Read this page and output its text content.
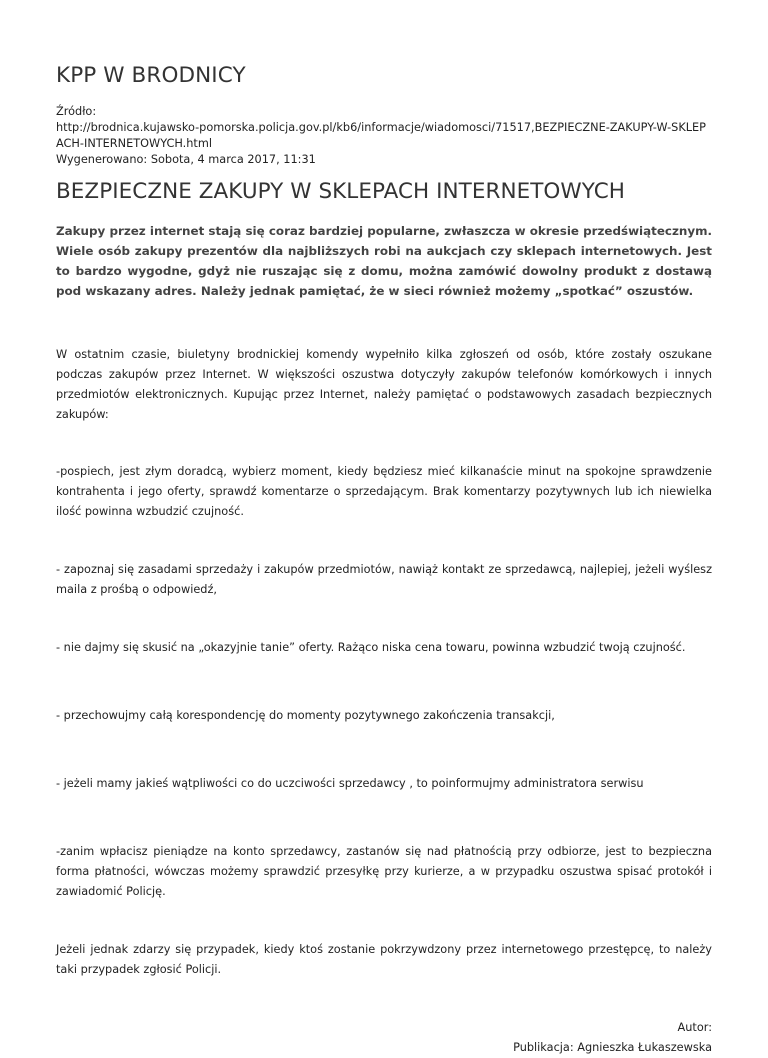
KPP W BRODNICY
Źródło:
http://brodnica.kujawsko-pomorska.policja.gov.pl/kb6/informacje/wiadomosci/71517,BEZPIECZNE-ZAKUPY-W-SKLEPACH-INTERNETOWYCH.html
Wygenerowano: Sobota, 4 marca 2017, 11:31
BEZPIECZNE ZAKUPY W SKLEPACH INTERNETOWYCH

Zakupy przez internet stają się coraz bardziej popularne, zwłaszcza w okresie przedświątecznym. Wiele osób zakupy prezentów dla najbliższych robi na aukcjach czy sklepach internetowych. Jest to bardzo wygodne, gdyż nie ruszając się z domu, można zamówić dowolny produkt z dostawą pod wskazany adres. Należy jednak pamiętać, że w sieci również możemy „spotkać” oszustów.

W ostatnim czasie, biuletyny brodnickiej komendy wypełniło kilka zgłoszeń od osób, które zostały oszukane podczas zakupów przez Internet. W większości oszustwa dotyczyły zakupów telefonów komórkowych i innych przedmiotów elektronicznych. Kupując przez Internet, należy pamiętać o podstawowych zasadach bezpiecznych zakupów:

-pospiech, jest złym doradcą, wybierz moment, kiedy będziesz mieć kilkanaście minut na spokojne sprawdzenie kontrahenta i jego oferty, sprawdź komentarze o sprzedającym. Brak komentarzy pozytywnych lub ich niewielka ilość powinna wzbudzić czujność.

- zapoznaj się zasadami sprzedaży i zakupów przedmiotów, nawiąż kontakt ze sprzedawcą, najlepiej, jeżeli wyślesz maila z prośbą o odpowiedź,

- nie dajmy się skusić na „okazyjnie tanie” oferty. Rażąco niska cena towaru, powinna wzbudzić twoją czujność.

- przechowujmy całą korespondencję do momenty pozytywnego zakończenia transakcji,

- jeżeli mamy jakieś wątpliwości co do uczciwości sprzedawcy , to poinformujmy administratora serwisu

-zanim wpłacisz pieniądze na konto sprzedawcy, zastanów się nad płatnością przy odbiorze, jest to bezpieczna forma płatności, wówczas możemy sprawdzić przesyłkę przy kurierze, a w przypadku oszustwa spisać protokół i zawiadomić Policję.

Jeżeli jednak zdarzy się przypadek, kiedy ktoś zostanie pokrzywdzony przez internetowego przestępcę, to należy taki przypadek zgłosić Policji.

Autor:
Publikacja: Agnieszka Łukaszewska
